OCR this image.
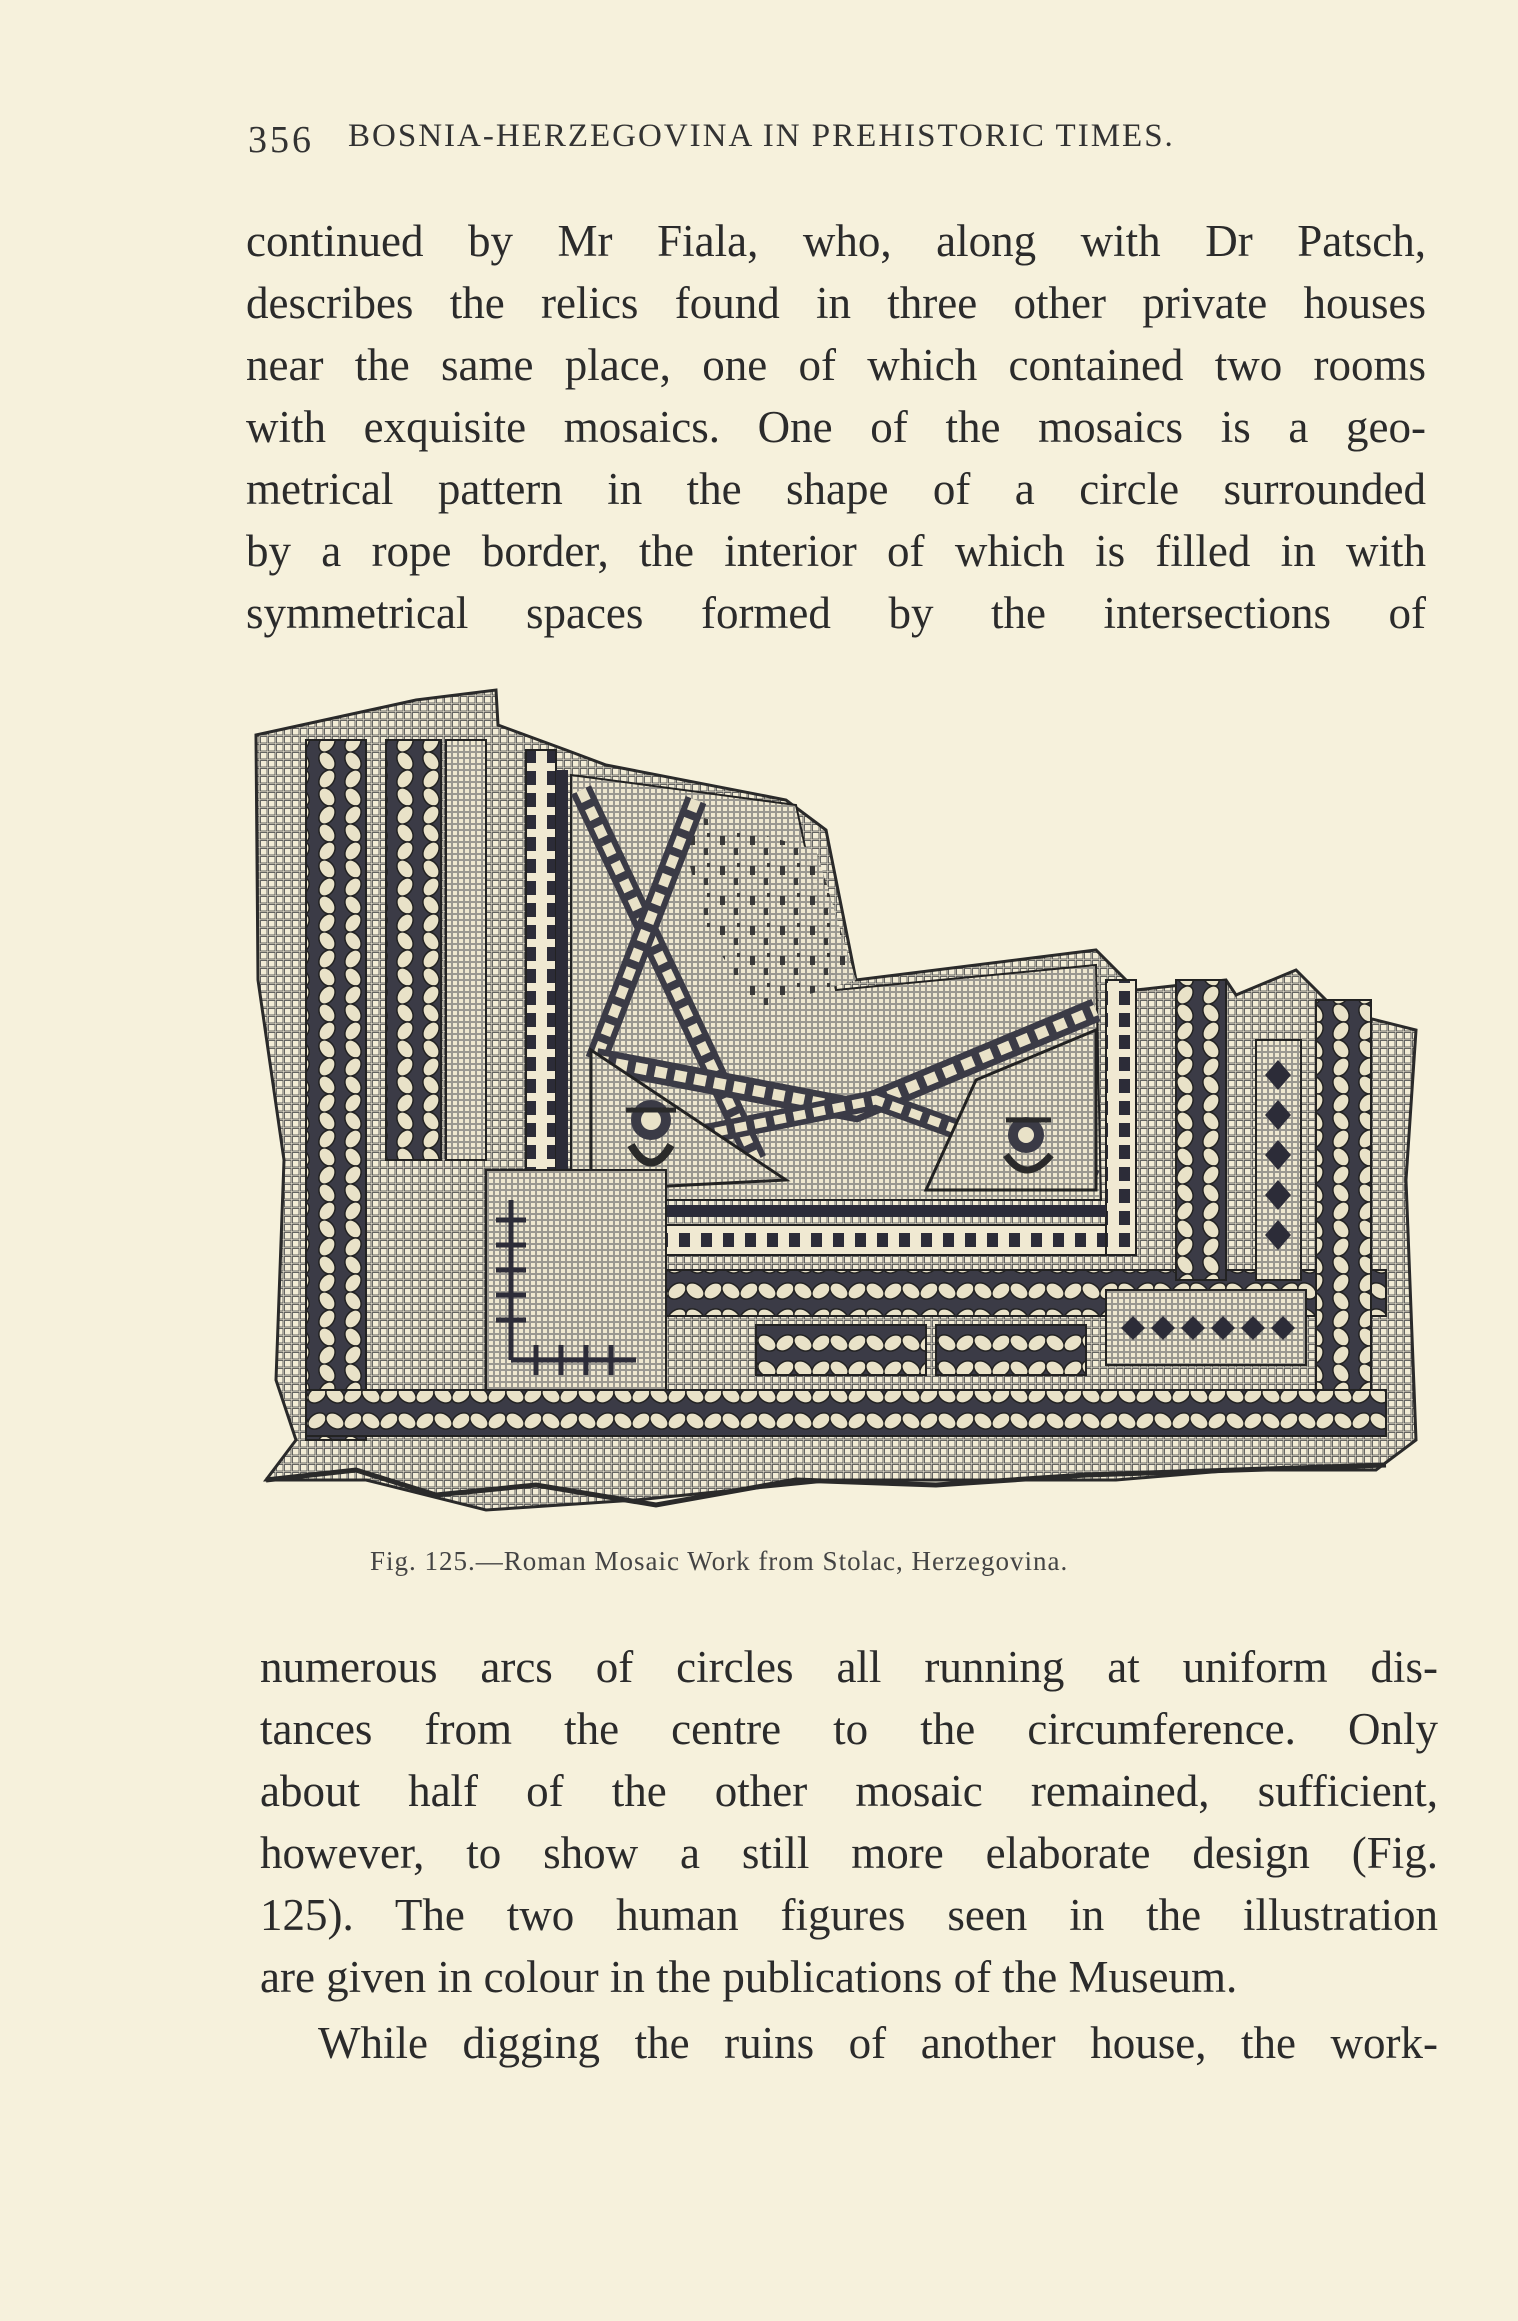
356 BOSNIA-HERZEGOVINA IN PREHISTORIC TIMES.
continued by Mr Fiala, who, along with Dr Patsch,
describes the relics found in three other private houses
near the same place, one of which contained two rooms
with exquisite mosaics. One of the mosaics is a geo-
metrical pattern in the shape of a circle surrounded
by a rope border, the interior of which is filled in with
symmetrical spaces formed by the intersections of
Fig. 125.—Roman Mosaic Work from Stolac, Herzegovina.
numerous arcs of circles all running at uniform dis-
tances from the centre to the circumference. Only
about half of the other mosaic remained, sufficient,
however, to show a still more elaborate design (Fig.
125). The two human figures seen in the illustration
are given in colour in the publications of the Museum.
While digging the ruins of another house, the work-
